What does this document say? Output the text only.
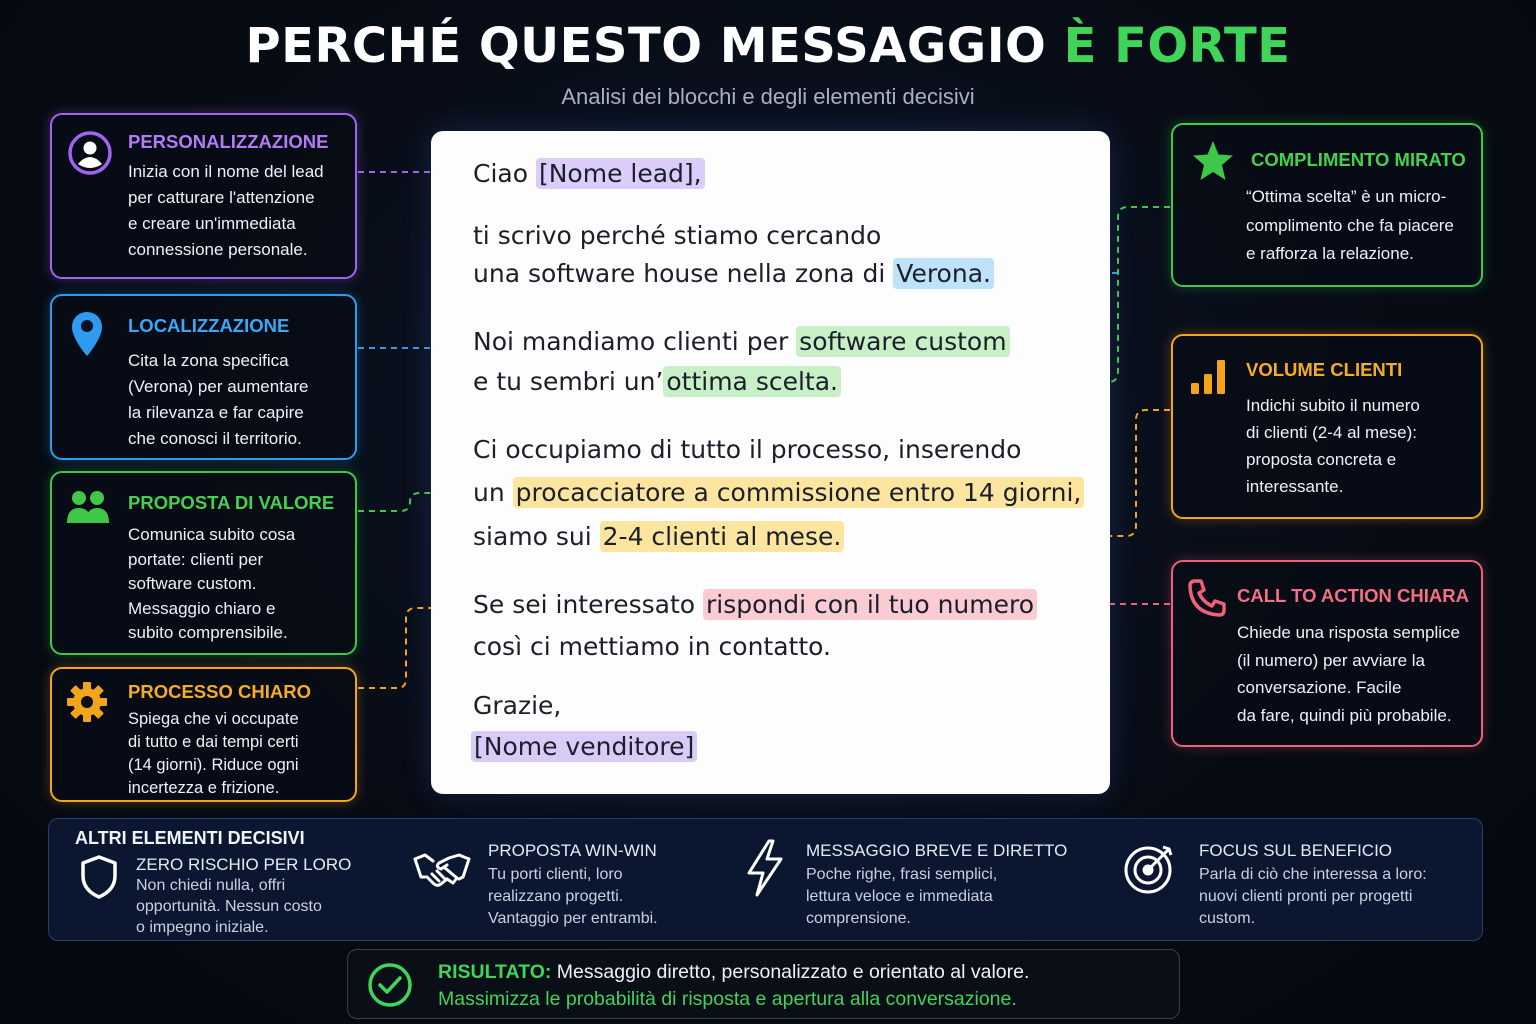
PERCHÉ QUESTO MESSAGGIO È FORTE
Analisi dei blocchi e degli elementi decisivi
PERSONALIZZAZIONE
Inizia con il nome del lead
per catturare l'attenzione
e creare un'immediata
connessione personale.
LOCALIZZAZIONE
Cita la zona specifica
(Verona) per aumentare
la rilevanza e far capire
che conosci il territorio.
PROPOSTA DI VALORE
Comunica subito cosa
portate: clienti per
software custom.
Messaggio chiaro e
subito comprensibile.
PROCESSO CHIARO
Spiega che vi occupate
di tutto e dai tempi certi
(14 giorni). Riduce ogni
incertezza e frizione.
Ciao [Nome lead],
ti scrivo perché stiamo cercando
una software house nella zona di Verona.
Noi mandiamo clienti per software custom
e tu sembri un’ ottima scelta.
Ci occupiamo di tutto il processo, inserendo
un procacciatore a commissione entro 14 giorni,
siamo sui 2-4 clienti al mese.
Se sei interessato rispondi con il tuo numero
così ci mettiamo in contatto.
Grazie,
[Nome venditore]
COMPLIMENTO MIRATO
“Ottima scelta” è un micro-
complimento che fa piacere
e rafforza la relazione.
VOLUME CLIENTI
Indichi subito il numero
di clienti (2-4 al mese):
proposta concreta e
interessante.
CALL TO ACTION CHIARA
Chiede una risposta semplice
(il numero) per avviare la
conversazione. Facile
da fare, quindi più probabile.
ALTRI ELEMENTI DECISIVI
ZERO RISCHIO PER LORO
Non chiedi nulla, offri
opportunità. Nessun costo
o impegno iniziale.
PROPOSTA WIN-WIN
Tu porti clienti, loro
realizzano progetti.
Vantaggio per entrambi.
MESSAGGIO BREVE E DIRETTO
Poche righe, frasi semplici,
lettura veloce e immediata
comprensione.
FOCUS SUL BENEFICIO
Parla di ciò che interessa a loro:
nuovi clienti pronti per progetti
custom.
RISULTATO: Messaggio diretto, personalizzato e orientato al valore.
Massimizza le probabilità di risposta e apertura alla conversazione.
